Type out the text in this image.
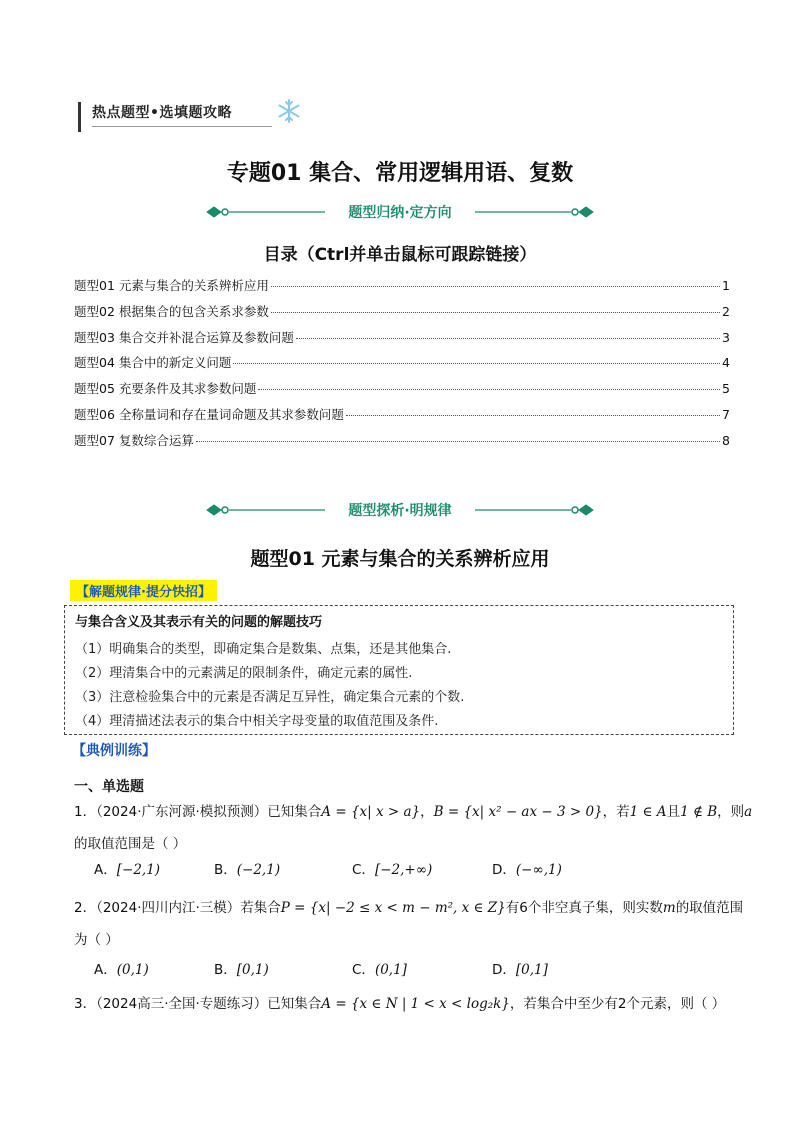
热点题型•选填题攻略
专题01 集合、常用逻辑用语、复数
题型归纳·定方向
目录（Ctrl并单击鼠标可跟踪链接）
题型01 元素与集合的关系辨析应用	1
题型02 根据集合的包含关系求参数	2
题型03 集合交并补混合运算及参数问题	3
题型04 集合中的新定义问题	4
题型05 充要条件及其求参数问题	5
题型06 全称量词和存在量词命题及其求参数问题	7
题型07 复数综合运算	8
题型探析·明规律
题型01 元素与集合的关系辨析应用
【解题规律·提分快招】
与集合含义及其表示有关的问题的解题技巧
（1）明确集合的类型，即确定集合是数集、点集，还是其他集合.
（2）理清集合中的元素满足的限制条件，确定元素的属性.
（3）注意检验集合中的元素是否满足互异性，确定集合元素的个数.
（4）理清描述法表示的集合中相关字母变量的取值范围及条件.
【典例训练】
一、单选题
1．（2024·广东河源·模拟预测）已知集合A = {x| x > a}，B = {x| x² − ax − 3 > 0}，若1 ∈ A且1 ∉ B，则a
的取值范围是（ ）
A．[−2,1)	B．(−2,1)	C．[−2,+∞)	D．(−∞,1)
2．（2024·四川内江·三模）若集合P = {x| −2 ≤ x < m − m², x ∈ Z}有6个非空真子集，则实数m的取值范围
为（ ）
A．(0,1)	B．[0,1)	C．(0,1]	D．[0,1]
3．（2024高三·全国·专题练习）已知集合A = {x ∈ N | 1 < x < log₂k}，若集合中至少有2个元素，则（ ）
